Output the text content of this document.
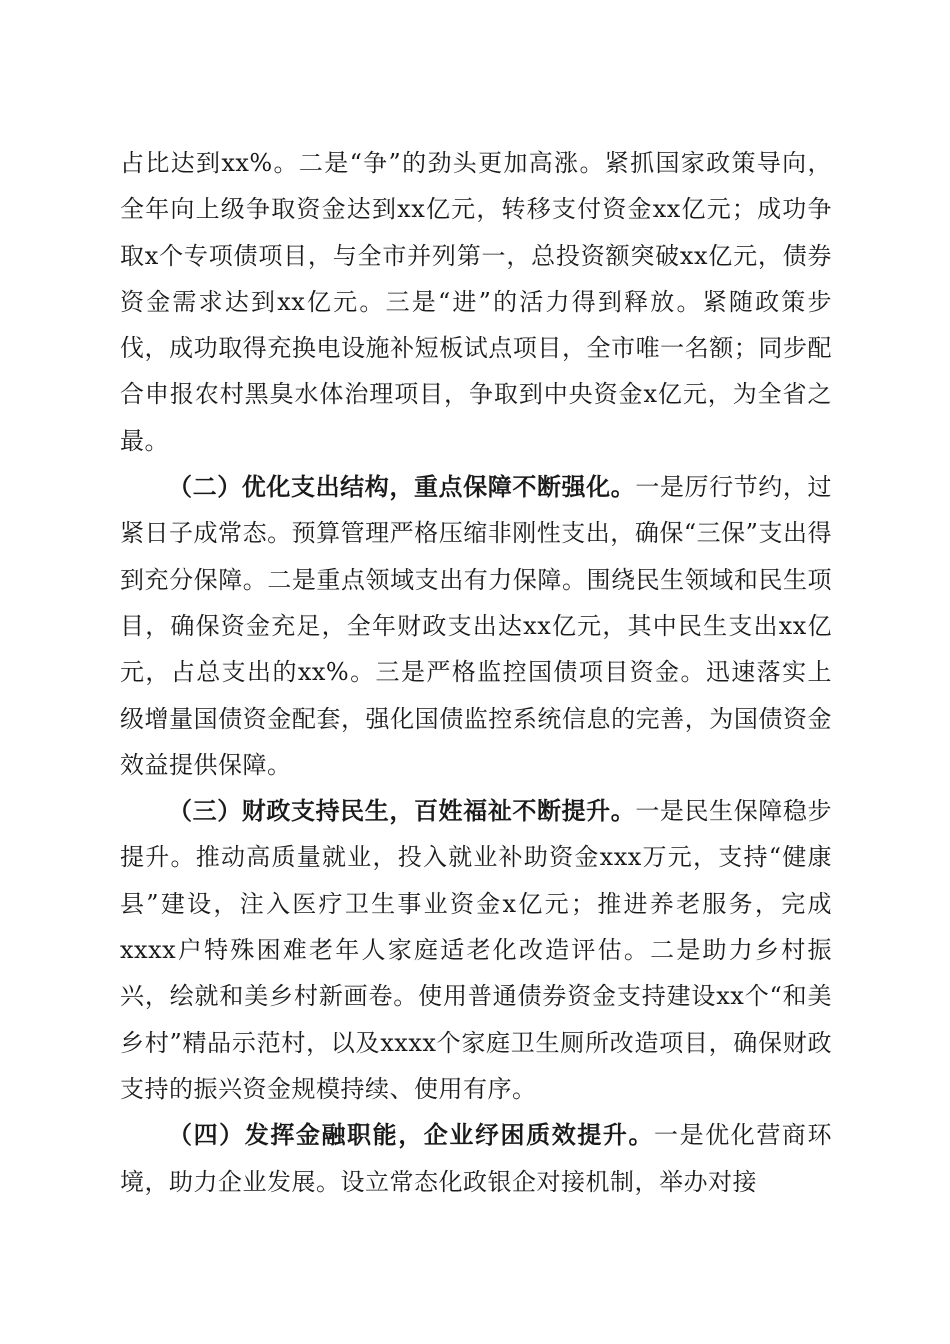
占比达到xx%。二是“争”的劲头更加高涨。紧抓国家政策导向，全年向上级争取资金达到xx亿元，转移支付资金xx亿元；成功争取x个专项债项目，与全市并列第一，总投资额突破xx亿元，债券资金需求达到xx亿元。三是“进”的活力得到释放。紧随政策步伐，成功取得充换电设施补短板试点项目，全市唯一名额；同步配合申报农村黑臭水体治理项目，争取到中央资金x亿元，为全省之最。

（二）优化支出结构，重点保障不断强化。一是厉行节约，过紧日子成常态。预算管理严格压缩非刚性支出，确保“三保”支出得到充分保障。二是重点领域支出有力保障。围绕民生领域和民生项目，确保资金充足，全年财政支出达xx亿元，其中民生支出xx亿元，占总支出的xx%。三是严格监控国债项目资金。迅速落实上级增量国债资金配套，强化国债监控系统信息的完善，为国债资金效益提供保障。

（三）财政支持民生，百姓福祉不断提升。一是民生保障稳步提升。推动高质量就业，投入就业补助资金xxx万元，支持“健康县”建设，注入医疗卫生事业资金x亿元；推进养老服务，完成xxxx户特殊困难老年人家庭适老化改造评估。二是助力乡村振兴，绘就和美乡村新画卷。使用普通债券资金支持建设xx个“和美乡村”精品示范村，以及xxxx个家庭卫生厕所改造项目，确保财政支持的振兴资金规模持续、使用有序。

（四）发挥金融职能，企业纾困质效提升。一是优化营商环境，助力企业发展。设立常态化政银企对接机制，举办对接
